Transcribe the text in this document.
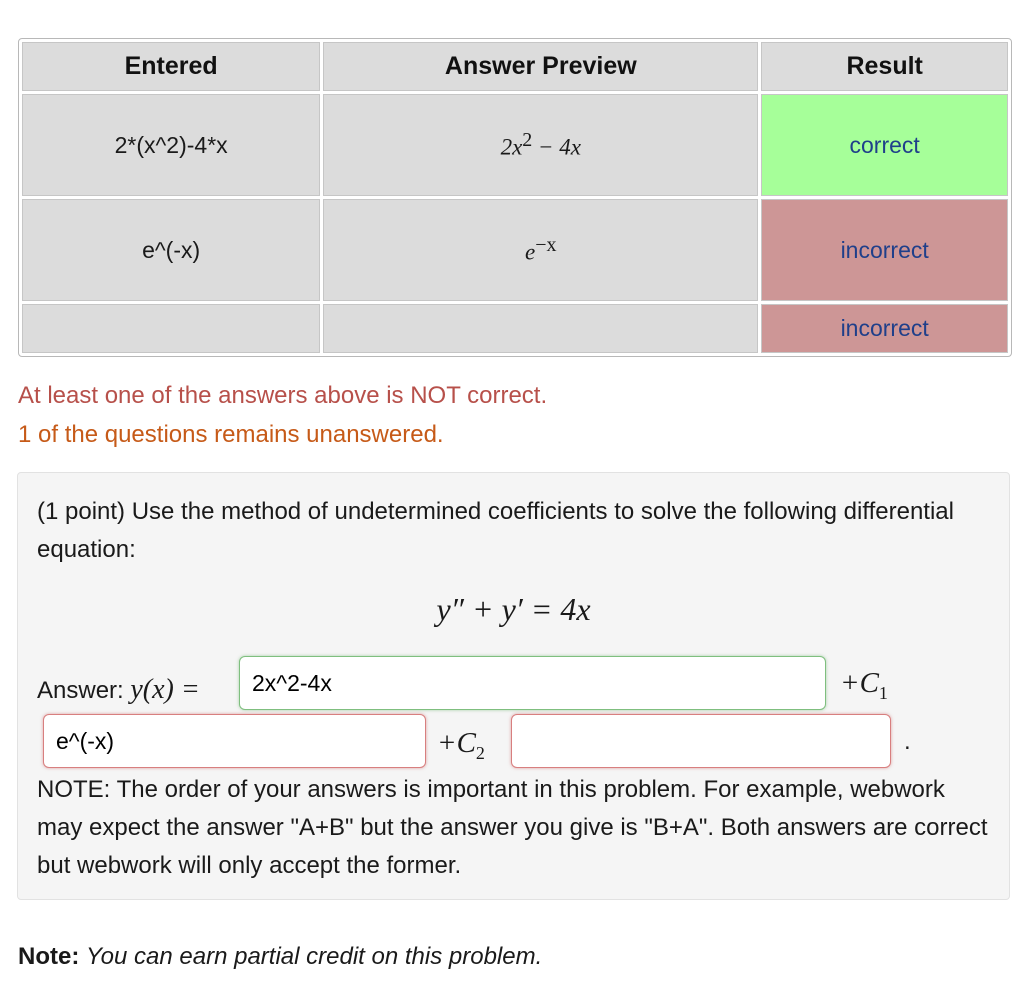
Entered	Answer Preview	Result
2*(x^2)-4*x	$2x^2 - 4x$	correct
e^(-x)	$e^{-x}$	incorrect
		incorrect
At least one of the answers above is NOT correct.
1 of the questions remains unanswered.
(1 point) Use the method of undetermined coefficients to solve the following differential equation:
y″ + y′ = 4x
Answer: y(x) =
2x^2-4x	$+C_1$
e^(-x)
$+C_2$	.
NOTE: The order of your answers is important in this problem. For example, webwork may expect the answer "A+B" but the answer you give is "B+A". Both answers are correct but webwork will only accept the former.
Note: You can earn partial credit on this problem.
